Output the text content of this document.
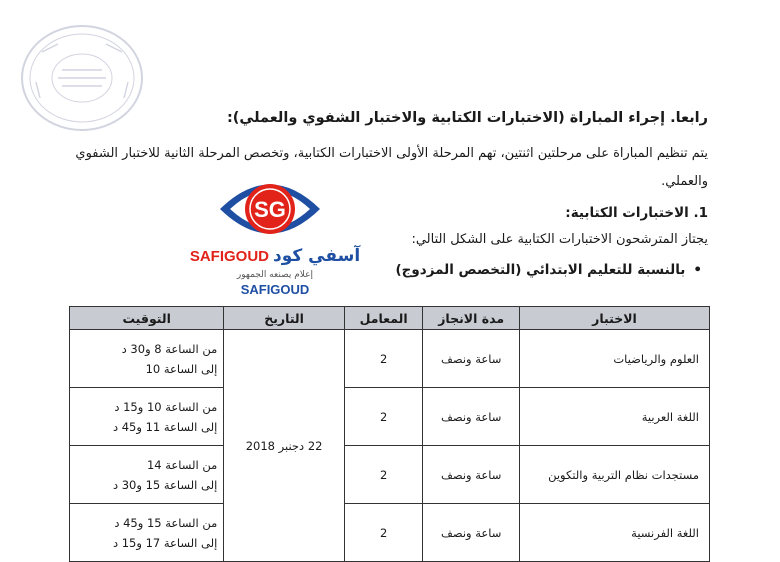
رابعا. إجراء المباراة (الاختبارات الكتابية والاختبار الشفوي والعملي):
يتم تنظيم المباراة على مرحلتين اثنتين، تهم المرحلة الأولى الاختبارات الكتابية، وتخصص المرحلة الثانية للاختبار الشفوي والعملي.
1. الاختبارات الكتابية:
يجتاز المترشحون الاختبارات الكتابية على الشكل التالي:
•بالنسبة للتعليم الابتدائي (التخصص المزدوج)
SG
SAFIGOUD آسفي كود
إعلام يصنعه الجمهور
SAFIGOUD
الاختبار	مدة الانجاز	المعامل	التاريخ	التوقيت
العلوم والرياضيات	ساعة ونصف	2	22 دجنبر 2018	من الساعة 8 و30 د
إلى الساعة 10

اللغة العربية	ساعة ونصف	2		من الساعة 10 و15 د
إلى الساعة 11 و45 د

مستجدات نظام التربية والتكوين	ساعة ونصف	2		من الساعة 14
إلى الساعة 15 و30 د

اللغة الفرنسية	ساعة ونصف	2		من الساعة 15 و45 د
إلى الساعة 17 و15 د
